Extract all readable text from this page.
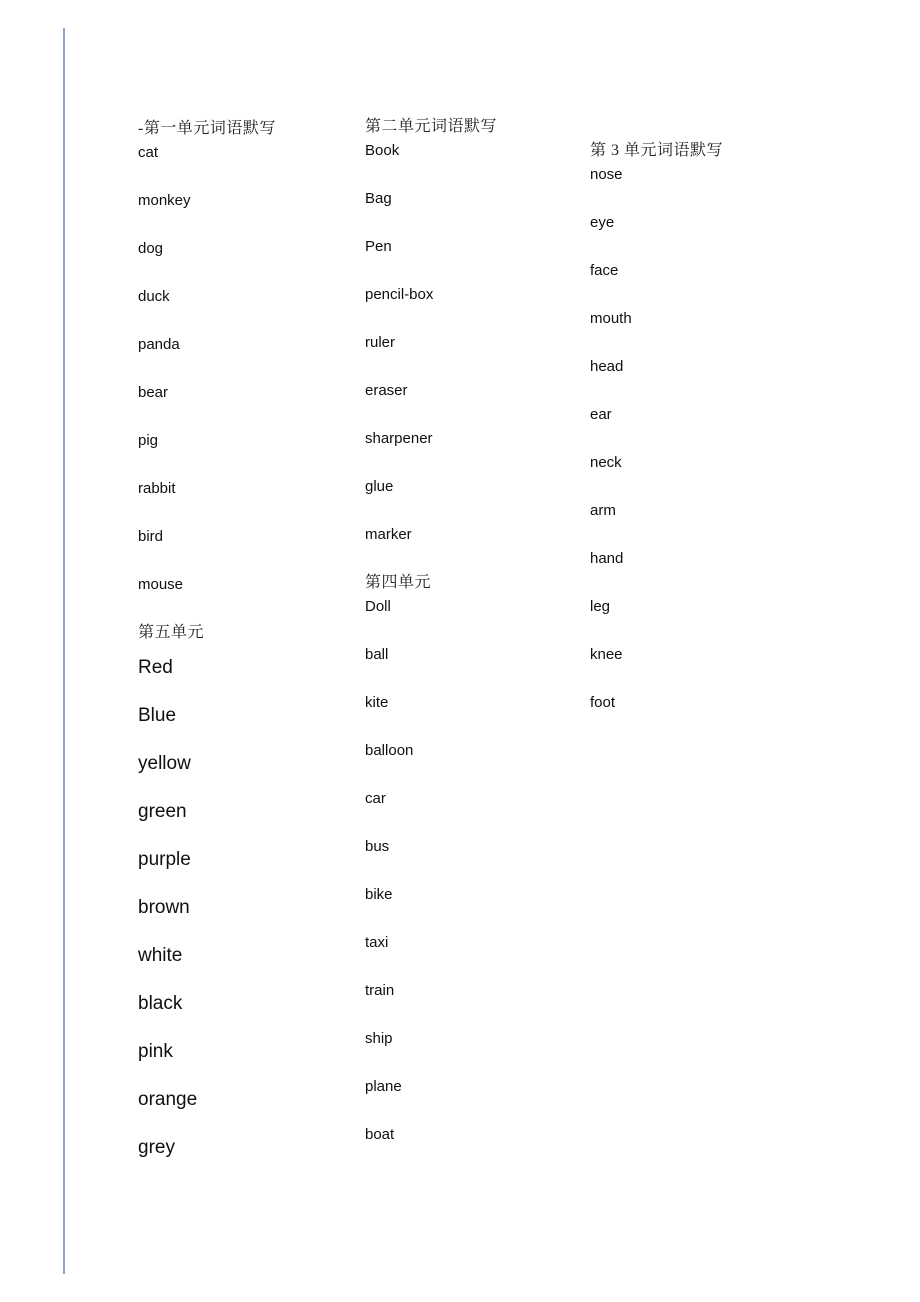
-第一单元词语默写
cat
monkey
dog
duck
panda
bear
pig
rabbit
bird
mouse
第五单元
Red
Blue
yellow
green
purple
brown
white
black
pink
orange
grey
第二单元词语默写
Book
Bag
Pen
pencil-box
ruler
eraser
sharpener
glue
marker
第四单元
Doll
ball
kite
balloon
car
bus
bike
taxi
train
ship
plane
boat
第 3 单元词语默写
nose
eye
face
mouth
head
ear
neck
arm
hand
leg
knee
foot
